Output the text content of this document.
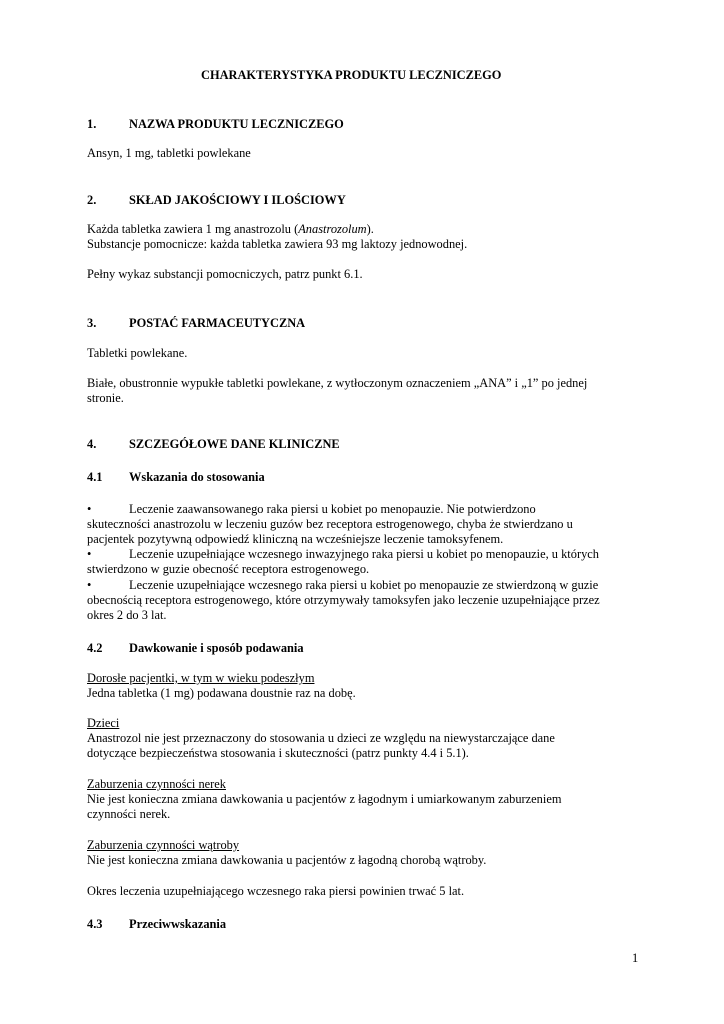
CHARAKTERYSTYKA PRODUKTU LECZNICZEGO
1.	NAZWA PRODUKTU LECZNICZEGO
Ansyn, 1 mg, tabletki powlekane
2.	SKŁAD JAKOŚCIOWY I ILOŚCIOWY
Każda tabletka zawiera 1 mg anastrozolu (Anastrozolum).
Substancje pomocnicze: każda tabletka zawiera 93 mg laktozy jednowodnej.
Pełny wykaz substancji pomocniczych, patrz punkt 6.1.
3.	POSTAĆ FARMACEUTYCZNA
Tabletki powlekane.
Białe, obustronnie wypukłe tabletki powlekane, z wytłoczonym oznaczeniem „ANA” i „1” po jednej
stronie.
4.	SZCZEGÓŁOWE DANE KLINICZNE
4.1 Wskazania do stosowania
•	Leczenie zaawansowanego raka piersi u kobiet po menopauzie. Nie potwierdzono
skuteczności anastrozolu w leczeniu guzów bez receptora estrogenowego, chyba że stwierdzano u
pacjentek pozytywną odpowiedź kliniczną na wcześniejsze leczenie tamoksyfenem.
•	Leczenie uzupełniające wczesnego inwazyjnego raka piersi u kobiet po menopauzie, u których
stwierdzono w guzie obecność receptora estrogenowego.
•	Leczenie uzupełniające wczesnego raka piersi u kobiet po menopauzie ze stwierdzoną w guzie
obecnością receptora estrogenowego, które otrzymywały tamoksyfen jako leczenie uzupełniające przez
okres 2 do 3 lat.
4.2 Dawkowanie i sposób podawania
Dorosłe pacjentki, w tym w wieku podeszłym
Jedna tabletka (1 mg) podawana doustnie raz na dobę.
Dzieci
Anastrozol nie jest przeznaczony do stosowania u dzieci ze względu na niewystarczające dane
dotyczące bezpieczeństwa stosowania i skuteczności (patrz punkty 4.4 i 5.1).
Zaburzenia czynności nerek
Nie jest konieczna zmiana dawkowania u pacjentów z łagodnym i umiarkowanym zaburzeniem
czynności nerek.
Zaburzenia czynności wątroby
Nie jest konieczna zmiana dawkowania u pacjentów z łagodną chorobą wątroby.
Okres leczenia uzupełniającego wczesnego raka piersi powinien trwać 5 lat.
4.3 Przeciwwskazania
1
